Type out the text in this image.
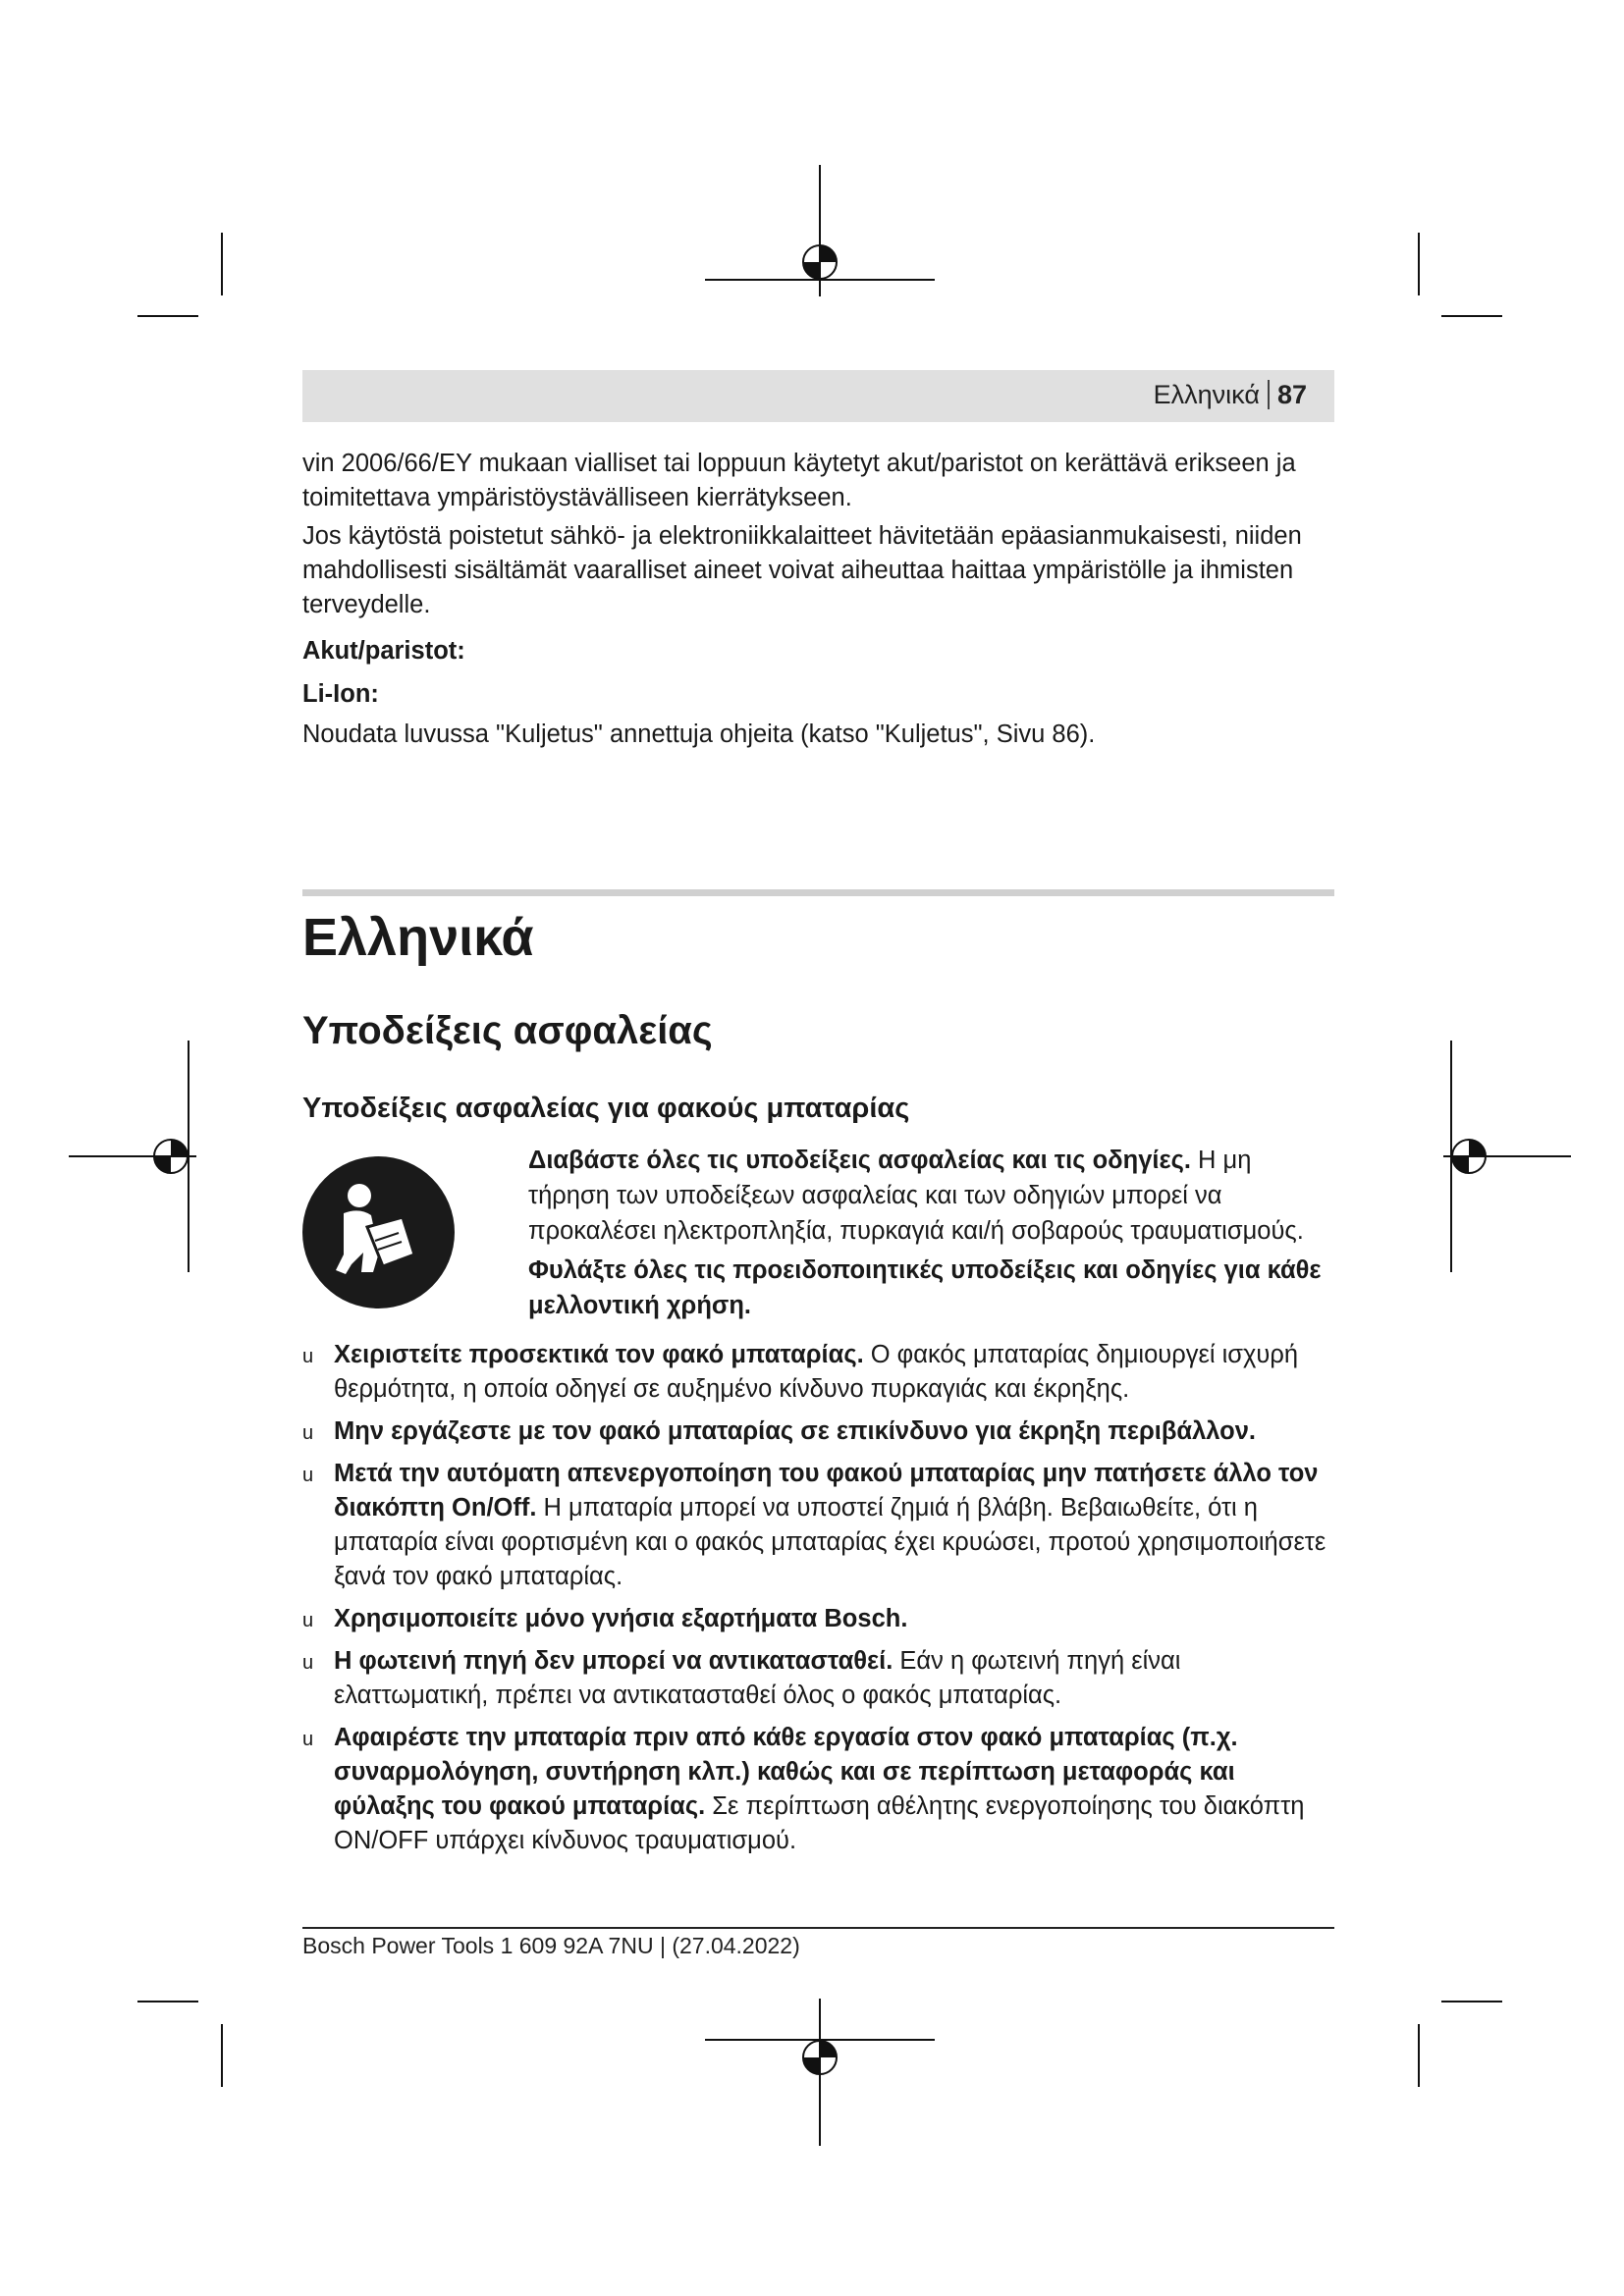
Ελληνικά 87

vin 2006/66/EY mukaan vialliset tai loppuun käytetyt akut/paristot on kerättävä erikseen ja toimitettava ympäristöystävälliseen kierrätykseen.

Jos käytöstä poistetut sähkö- ja elektroniikkalaitteet hävitetään epäasianmukaisesti, niiden mahdollisesti sisältämät vaaralliset aineet voivat aiheuttaa haittaa ympäristölle ja ihmisten terveydelle.

Akut/paristot:

Li-Ion:

Noudata luvussa "Kuljetus" annettuja ohjeita (katso "Kuljetus", Sivu 86).

Ελληνικά
Υποδείξεις ασφαλείας
Υποδείξεις ασφαλείας για φακούς μπαταρίας

Διαβάστε όλες τις υποδείξεις ασφαλείας και τις οδηγίες. Η μη τήρηση των υποδείξεων ασφαλείας και των οδηγιών μπορεί να προκαλέσει ηλεκτροπληξία, πυρκαγιά και/ή σοβαρούς τραυματισμούς.

Φυλάξτε όλες τις προειδοποιητικές υποδείξεις και οδηγίες για κάθε μελλοντική χρήση.

u Χειριστείτε προσεκτικά τον φακό μπαταρίας. Ο φακός μπαταρίας δημιουργεί ισχυρή θερμότητα, η οποία οδηγεί σε αυξημένο κίνδυνο πυρκαγιάς και έκρηξης.
u Μην εργάζεστε με τον φακό μπαταρίας σε επικίνδυνο για έκρηξη περιβάλλον.
u Μετά την αυτόματη απενεργοποίηση του φακού μπαταρίας μην πατήσετε άλλο τον διακόπτη On/Off. Η μπαταρία μπορεί να υποστεί ζημιά ή βλάβη. Βεβαιωθείτε, ότι η μπαταρία είναι φορτισμένη και ο φακός μπαταρίας έχει κρυώσει, προτού χρησιμοποιήσετε ξανά τον φακό μπαταρίας.
u Χρησιμοποιείτε μόνο γνήσια εξαρτήματα Bosch.
u Η φωτεινή πηγή δεν μπορεί να αντικατασταθεί. Εάν η φωτεινή πηγή είναι ελαττωματική, πρέπει να αντικατασταθεί όλος ο φακός μπαταρίας.
u Αφαιρέστε την μπαταρία πριν από κάθε εργασία στον φακό μπαταρίας (π.χ. συναρμολόγηση, συντήρηση κλπ.) καθώς και σε περίπτωση μεταφοράς και φύλαξης του φακού μπαταρίας. Σε περίπτωση αθέλητης ενεργοποίησης του διακόπτη ON/OFF υπάρχει κίνδυνος τραυματισμού.
Bosch Power Tools 1 609 92A 7NU | (27.04.2022)
